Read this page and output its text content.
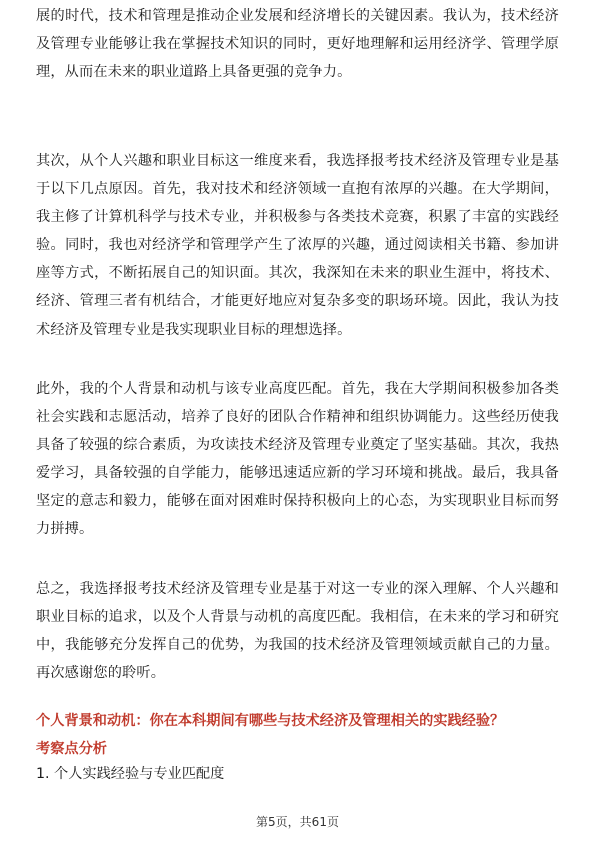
展的时代，技术和管理是推动企业发展和经济增长的关键因素。我认为，技术经济及管理专业能够让我在掌握技术知识的同时，更好地理解和运用经济学、管理学原理，从而在未来的职业道路上具备更强的竞争力。

其次，从个人兴趣和职业目标这一维度来看，我选择报考技术经济及管理专业是基于以下几点原因。首先，我对技术和经济领域一直抱有浓厚的兴趣。在大学期间，我主修了计算机科学与技术专业，并积极参与各类技术竞赛，积累了丰富的实践经验。同时，我也对经济学和管理学产生了浓厚的兴趣，通过阅读相关书籍、参加讲座等方式，不断拓展自己的知识面。其次，我深知在未来的职业生涯中，将技术、经济、管理三者有机结合，才能更好地应对复杂多变的职场环境。因此，我认为技术经济及管理专业是我实现职业目标的理想选择。

此外，我的个人背景和动机与该专业高度匹配。首先，我在大学期间积极参加各类社会实践和志愿活动，培养了良好的团队合作精神和组织协调能力。这些经历使我具备了较强的综合素质，为攻读技术经济及管理专业奠定了坚实基础。其次，我热爱学习，具备较强的自学能力，能够迅速适应新的学习环境和挑战。最后，我具备坚定的意志和毅力，能够在面对困难时保持积极向上的心态，为实现职业目标而努力拼搏。

总之，我选择报考技术经济及管理专业是基于对这一专业的深入理解、个人兴趣和职业目标的追求，以及个人背景与动机的高度匹配。我相信，在未来的学习和研究中，我能够充分发挥自己的优势，为我国的技术经济及管理领域贡献自己的力量。再次感谢您的聆听。

个人背景和动机：你在本科期间有哪些与技术经济及管理相关的实践经验？

考察点分析

1. 个人实践经验与专业匹配度

第5页，共61页
